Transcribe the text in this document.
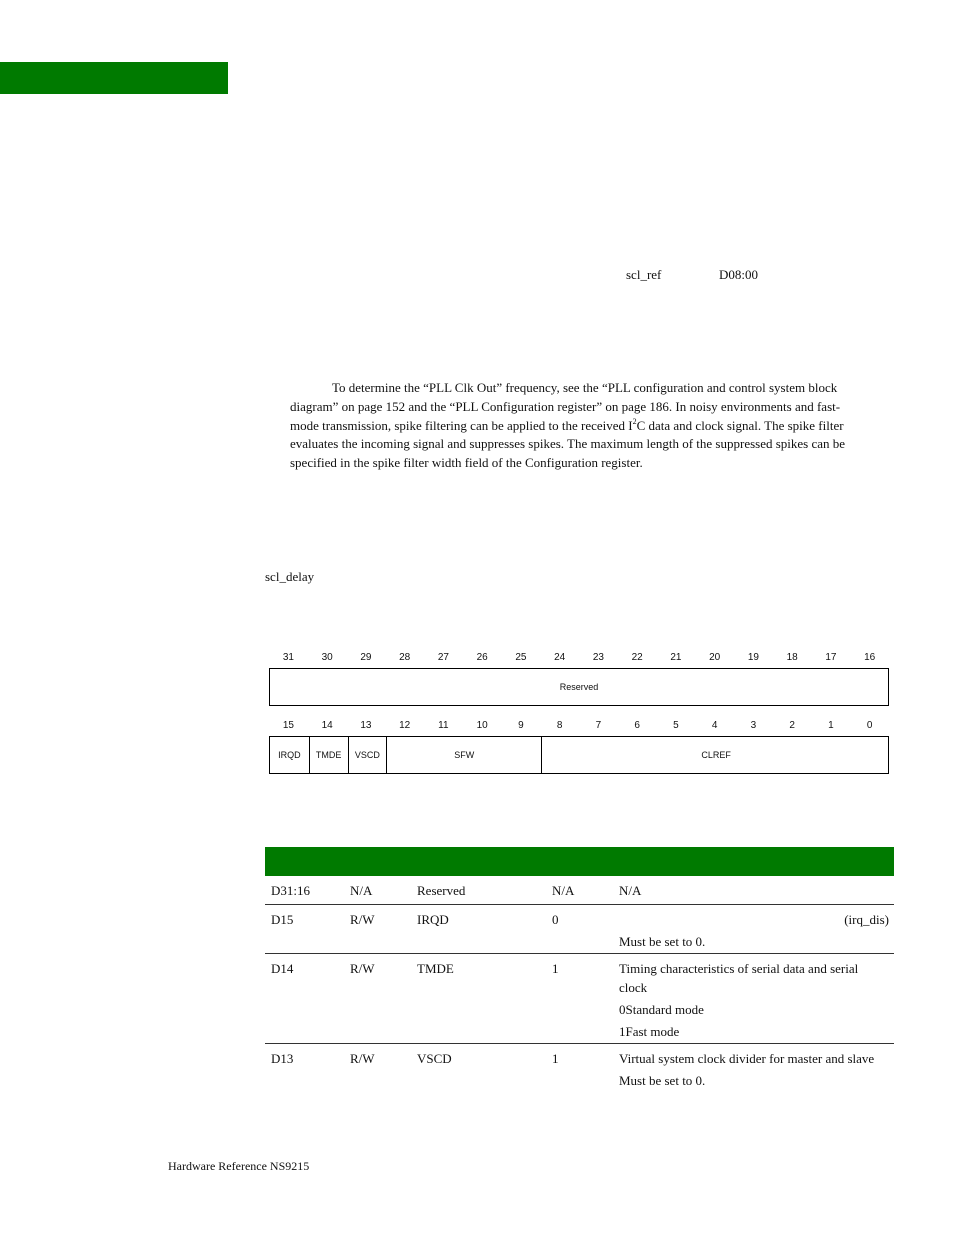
scl_ref	D08:00
To determine the “PLL Clk Out” frequency, see the “PLL configuration and control system block diagram” on page 152 and the “PLL Configuration register” on page 186. In noisy environments and fast-mode transmission, spike filtering can be applied to the received $I^2C$ data and clock signal. The spike filter evaluates the incoming signal and suppresses spikes. The maximum length of the suppressed spikes can be specified in the spike filter width field of the Configuration register.
scl_delay
31	30	29	28	27	26	25	24	23	22	21	20	19	18	17	16
Reserved
15	14	13	12	11	10	9	8	7	6	5	4	3	2	1	0
IRQD	TMDE	VSCD	SFW	CLREF
D31:16	N/A	Reserved	N/A	N/A
D15	R/W	IRQD	0	(irq_dis)
Must be set to 0.
D14	R/W	TMDE	1	Timing characteristics of serial data and serial clock
0Standard mode
1Fast mode
D13	R/W	VSCD	1	Virtual system clock divider for master and slave
Must be set to 0.
Hardware Reference NS9215
